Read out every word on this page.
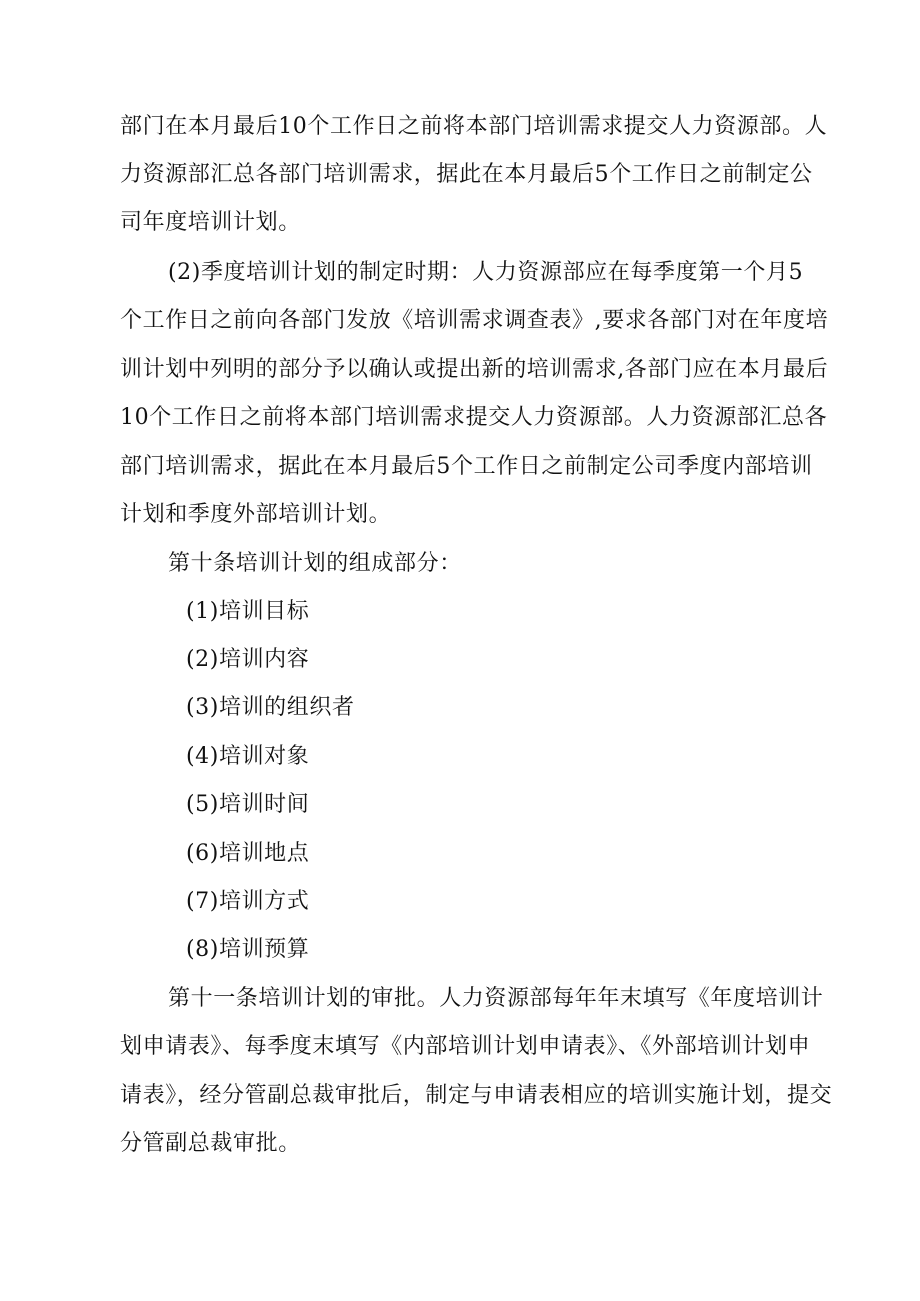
部门在本月最后10个工作日之前将本部门培训需求提交人力资源部。人
力资源部汇总各部门培训需求，据此在本月最后5个工作日之前制定公
司年度培训计划。
(2)季度培训计划的制定时期：人力资源部应在每季度第一个月5
个工作日之前向各部门发放《培训需求调查表》,要求各部门对在年度培
训计划中列明的部分予以确认或提出新的培训需求,各部门应在本月最后
10个工作日之前将本部门培训需求提交人力资源部。人力资源部汇总各
部门培训需求，据此在本月最后5个工作日之前制定公司季度内部培训
计划和季度外部培训计划。
第十条培训计划的组成部分：
(1)培训目标
(2)培训内容
(3)培训的组织者
(4)培训对象
(5)培训时间
(6)培训地点
(7)培训方式
(8)培训预算
第十一条培训计划的审批。人力资源部每年年末填写《年度培训计
划申请表》、每季度末填写《内部培训计划申请表》、《外部培训计划申
请表》，经分管副总裁审批后，制定与申请表相应的培训实施计划，提交
分管副总裁审批。
